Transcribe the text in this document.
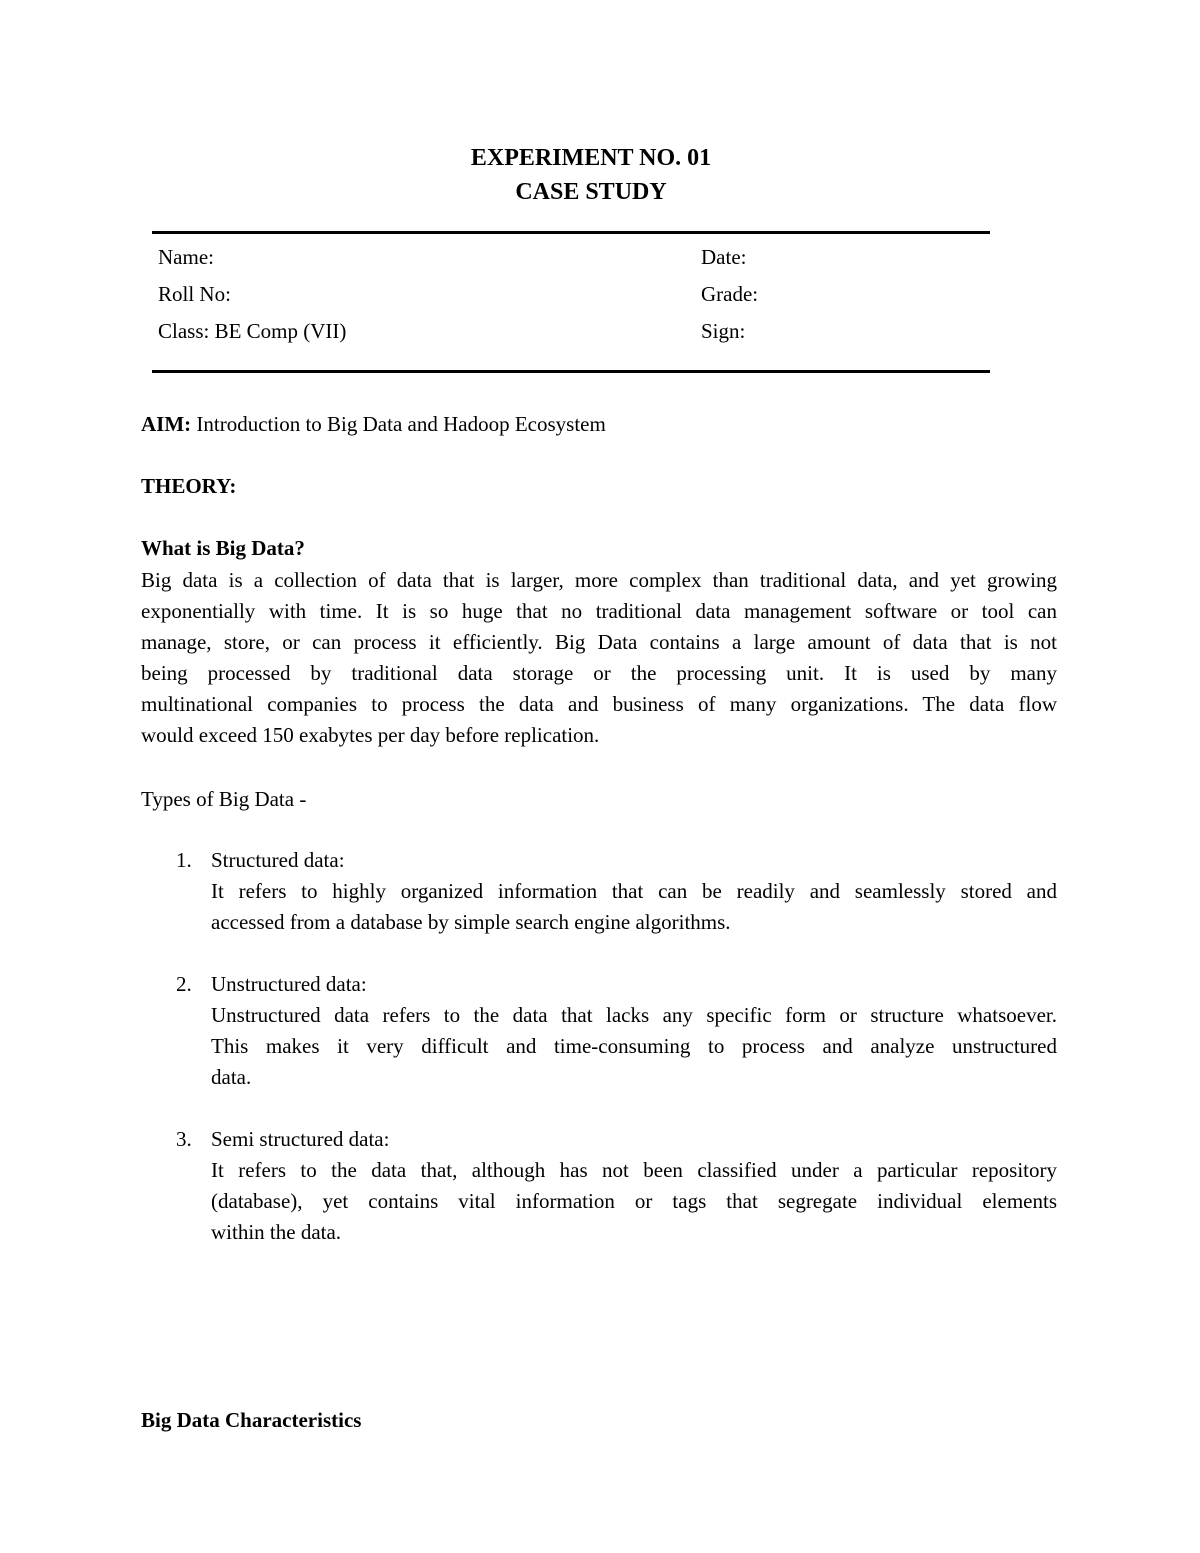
EXPERIMENT NO. 01
CASE STUDY
Name:
Roll No:
Class: BE Comp (VII)
Date:
Grade:
Sign:
AIM: Introduction to Big Data and Hadoop Ecosystem
THEORY:
What is Big Data?
Big data is a collection of data that is larger, more complex than traditional data, and yet growing
exponentially with time. It is so huge that no traditional data management software or tool can
manage, store, or can process it efficiently. Big Data contains a large amount of data that is not
being processed by traditional data storage or the processing unit. It is used by many
multinational companies to process the data and business of many organizations. The data flow
would exceed 150 exabytes per day before replication.
Types of Big Data -
1. Structured data:
It refers to highly organized information that can be readily and seamlessly stored and
accessed from a database by simple search engine algorithms.
2. Unstructured data:
Unstructured data refers to the data that lacks any specific form or structure whatsoever.
This makes it very difficult and time-consuming to process and analyze unstructured
data.
3. Semi structured data:
It refers to the data that, although has not been classified under a particular repository
(database), yet contains vital information or tags that segregate individual elements
within the data.
Big Data Characteristics
